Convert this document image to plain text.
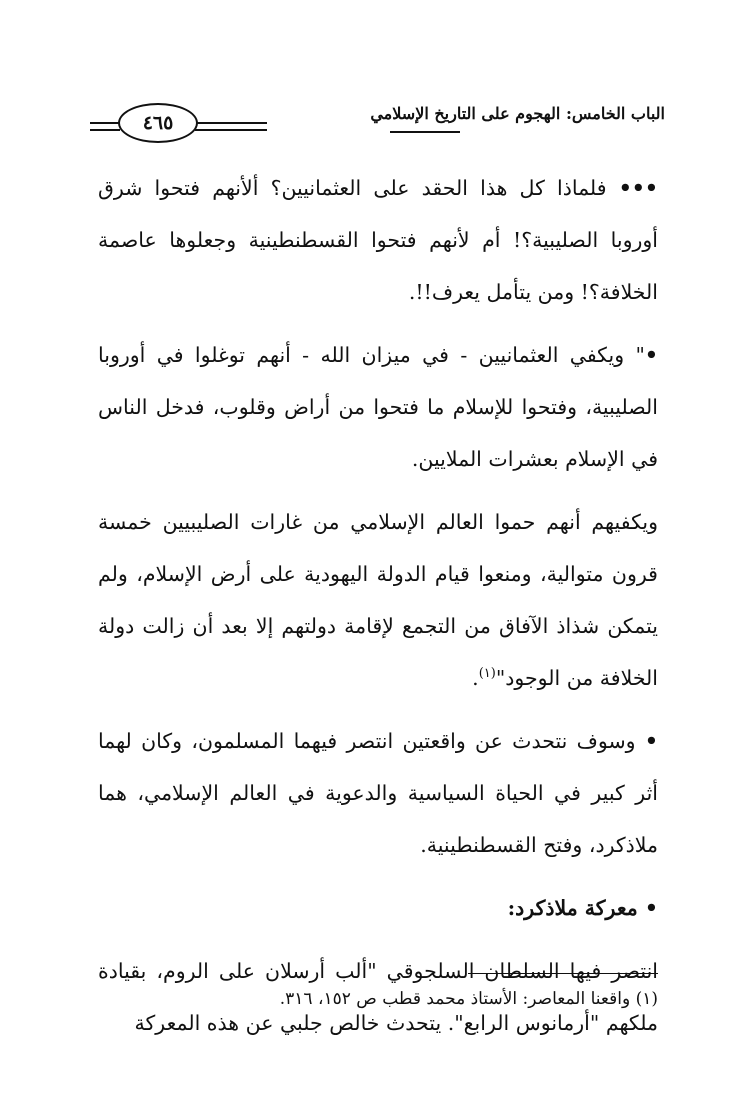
٤٦٥	الباب الخامس: الهجوم على التاريخ الإسلامي

••• فلماذا كل هذا الحقد على العثمانيين؟ ألأنهم فتحوا شرق أوروبا الصليبية؟! أم لأنهم فتحوا القسطنطينية وجعلوها عاصمة الخلافة؟! ومن يتأمل يعرف!!.

•" ويكفي العثمانيين - في ميزان الله - أنهم توغلوا في أوروبا الصليبية، وفتحوا للإسلام ما فتحوا من أراض وقلوب، فدخل الناس في الإسلام بعشرات الملايين.

ويكفيهم أنهم حموا العالم الإسلامي من غارات الصليبيين خمسة قرون متوالية، ومنعوا قيام الدولة اليهودية على أرض الإسلام، ولم يتمكن شذاذ الآفاق من التجمع لإقامة دولتهم إلا بعد أن زالت دولة الخلافة من الوجود"$^{(١)}$.

• وسوف نتحدث عن واقعتين انتصر فيهما المسلمون، وكان لهما أثر كبير في الحياة السياسية والدعوية في العالم الإسلامي، هما ملاذكرد، وفتح القسطنطينية.

• معركة ملاذكرد:

انتصر فيها السلطان السلجوقي "ألب أرسلان على الروم، بقيادة ملكهم "أرمانوس الرابع". يتحدث خالص جلبي عن هذه المعركة

(١) واقعنا المعاصر: الأستاذ محمد قطب ص ١٥٢، ٣١٦.
